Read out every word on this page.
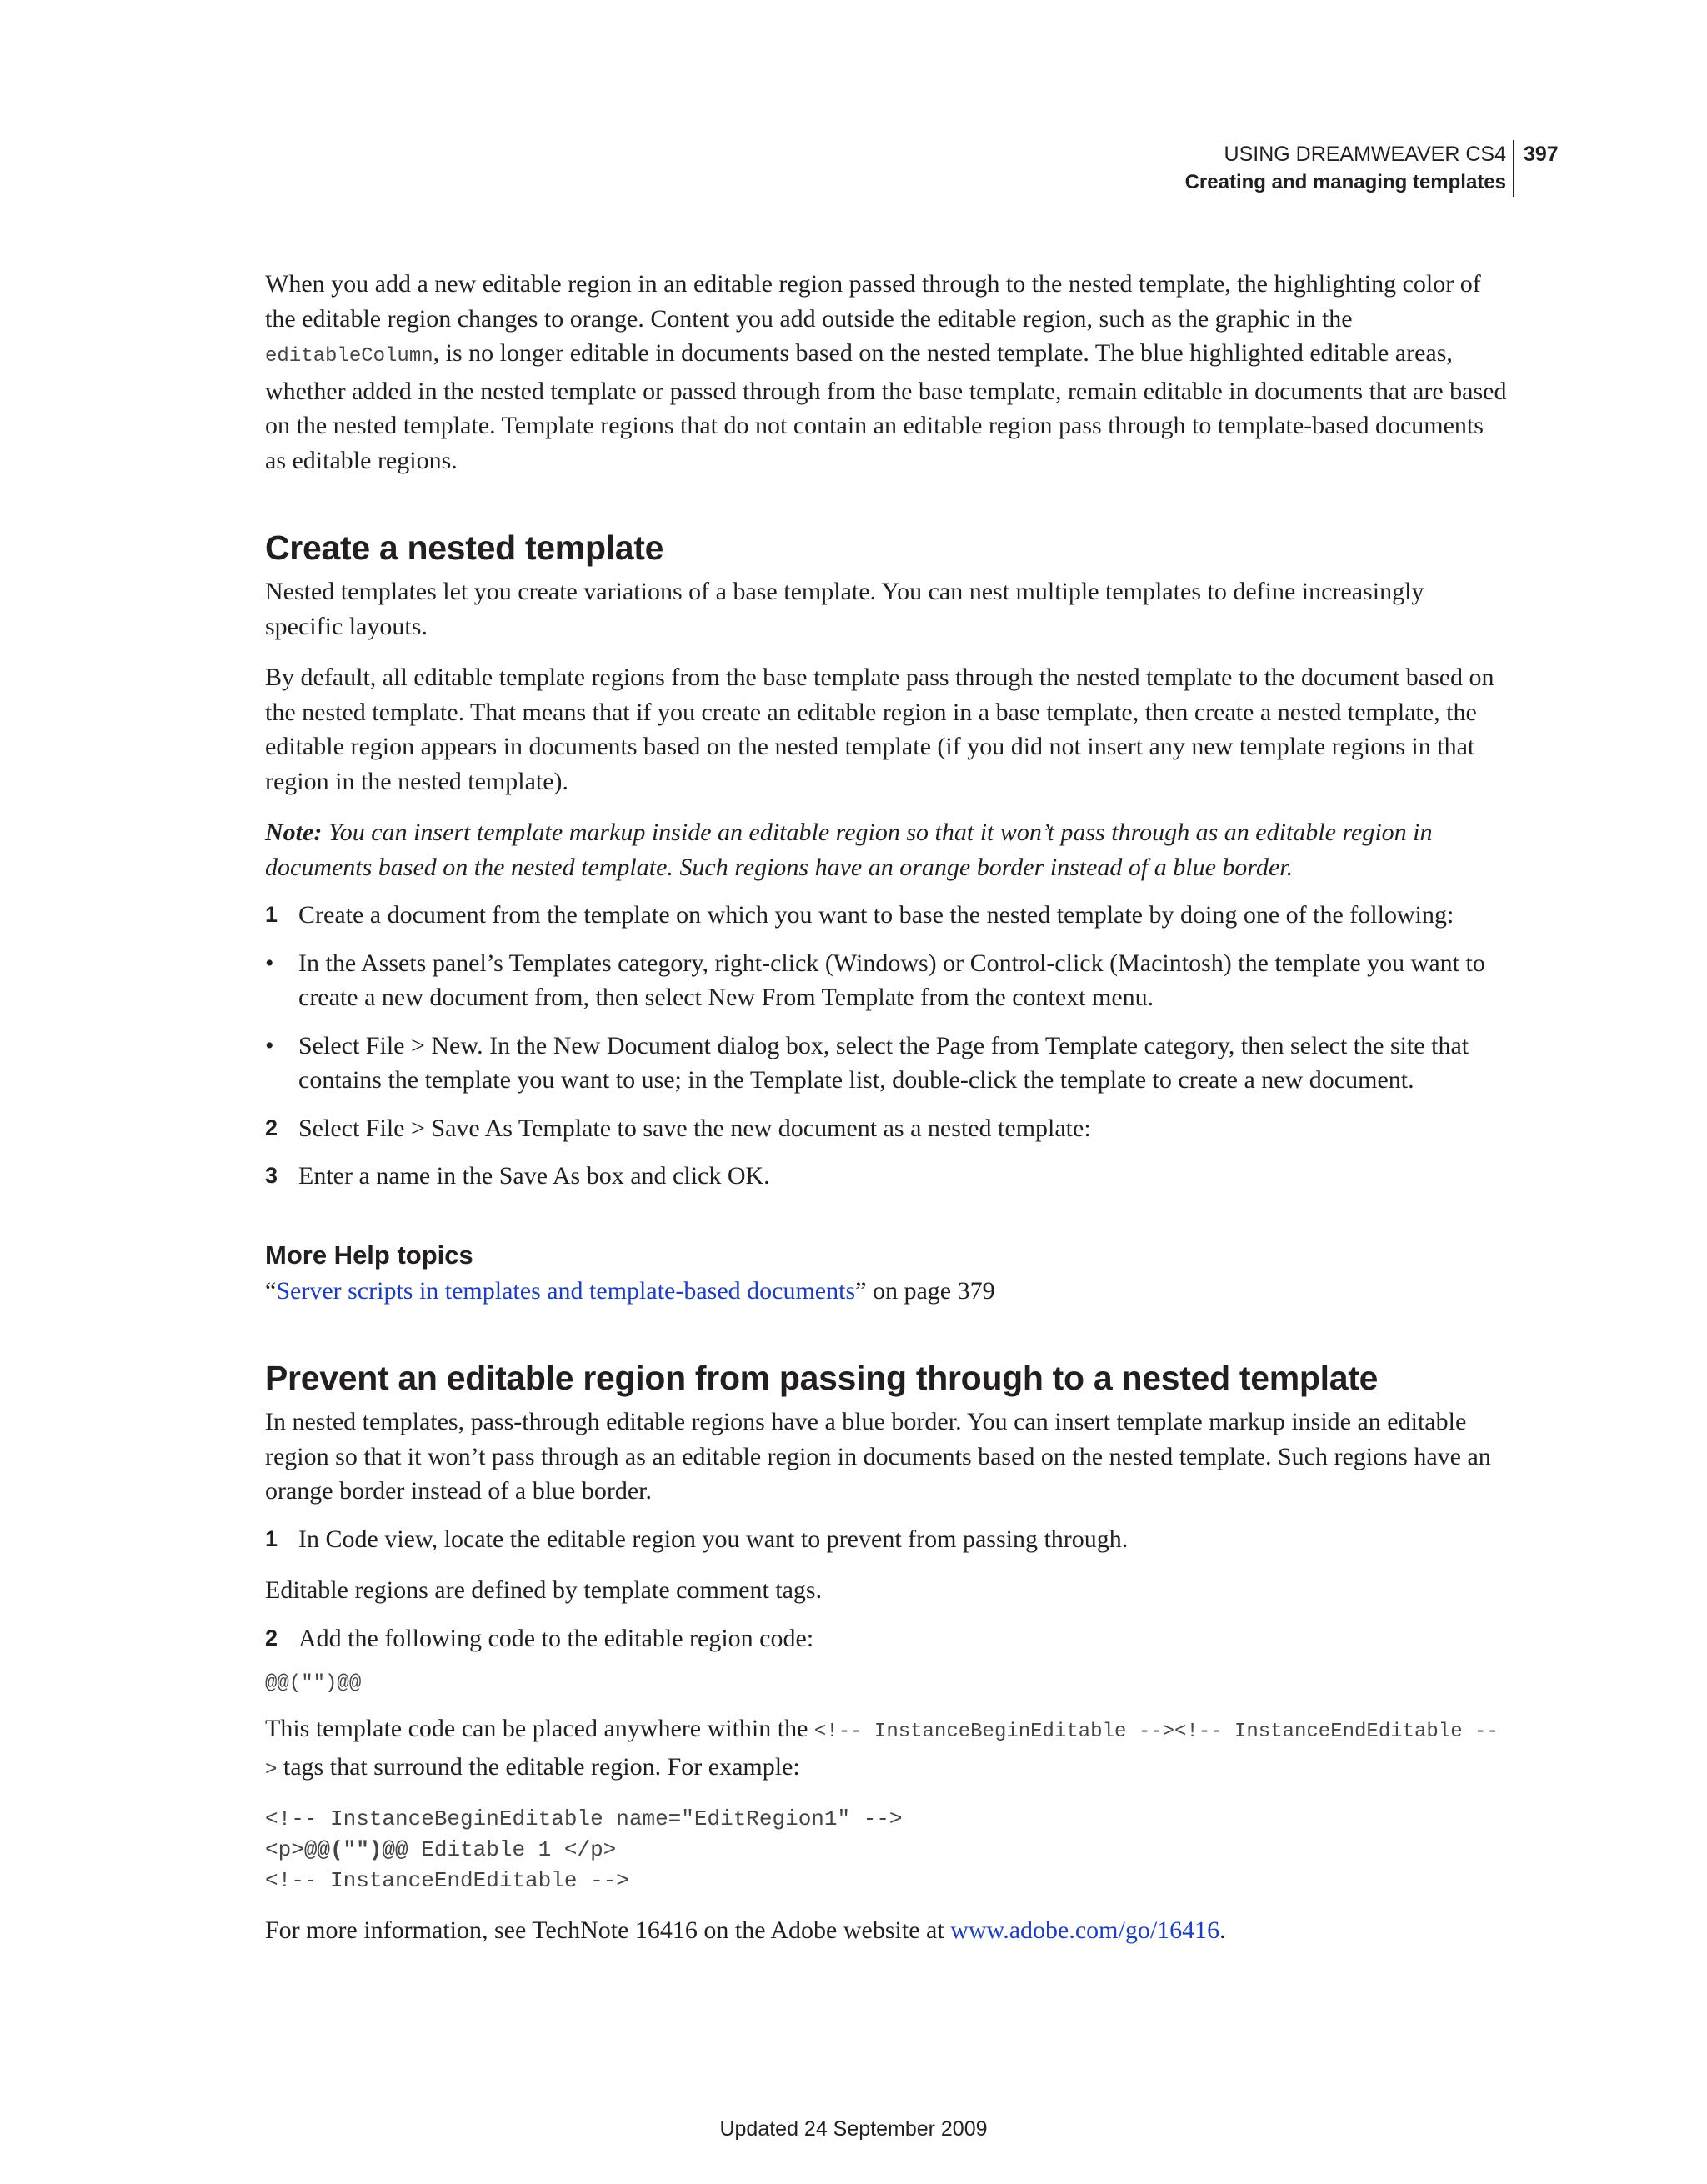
USING DREAMWEAVER CS4
Creating and managing templates
397

When you add a new editable region in an editable region passed through to the nested template, the highlighting color of the editable region changes to orange. Content you add outside the editable region, such as the graphic in the editableColumn, is no longer editable in documents based on the nested template. The blue highlighted editable areas, whether added in the nested template or passed through from the base template, remain editable in documents that are based on the nested template. Template regions that do not contain an editable region pass through to template-based documents as editable regions.

Create a nested template

Nested templates let you create variations of a base template. You can nest multiple templates to define increasingly specific layouts.

By default, all editable template regions from the base template pass through the nested template to the document based on the nested template. That means that if you create an editable region in a base template, then create a nested template, the editable region appears in documents based on the nested template (if you did not insert any new template regions in that region in the nested template).

Note: You can insert template markup inside an editable region so that it won’t pass through as an editable region in documents based on the nested template. Such regions have an orange border instead of a blue border.

1 Create a document from the template on which you want to base the nested template by doing one of the following:
• In the Assets panel’s Templates category, right-click (Windows) or Control-click (Macintosh) the template you want to create a new document from, then select New From Template from the context menu.
• Select File > New. In the New Document dialog box, select the Page from Template category, then select the site that contains the template you want to use; in the Template list, double-click the template to create a new document.
2 Select File > Save As Template to save the new document as a nested template:
3 Enter a name in the Save As box and click OK.
More Help topics

“Server scripts in templates and template-based documents” on page 379

Prevent an editable region from passing through to a nested template

In nested templates, pass-through editable regions have a blue border. You can insert template markup inside an editable region so that it won’t pass through as an editable region in documents based on the nested template. Such regions have an orange border instead of a blue border.

1 In Code view, locate the editable region you want to prevent from passing through.

Editable regions are defined by template comment tags.

2 Add the following code to the editable region code:
@@("")@@

This template code can be placed anywhere within the <!-- InstanceBeginEditable --><!-- InstanceEndEditable --> tags that surround the editable region. For example:

<!-- InstanceBeginEditable name="EditRegion1" -->
<p>@@("")@@ Editable 1 </p>
<!-- InstanceEndEditable -->

For more information, see TechNote 16416 on the Adobe website at www.adobe.com/go/16416.

Updated 24 September 2009
